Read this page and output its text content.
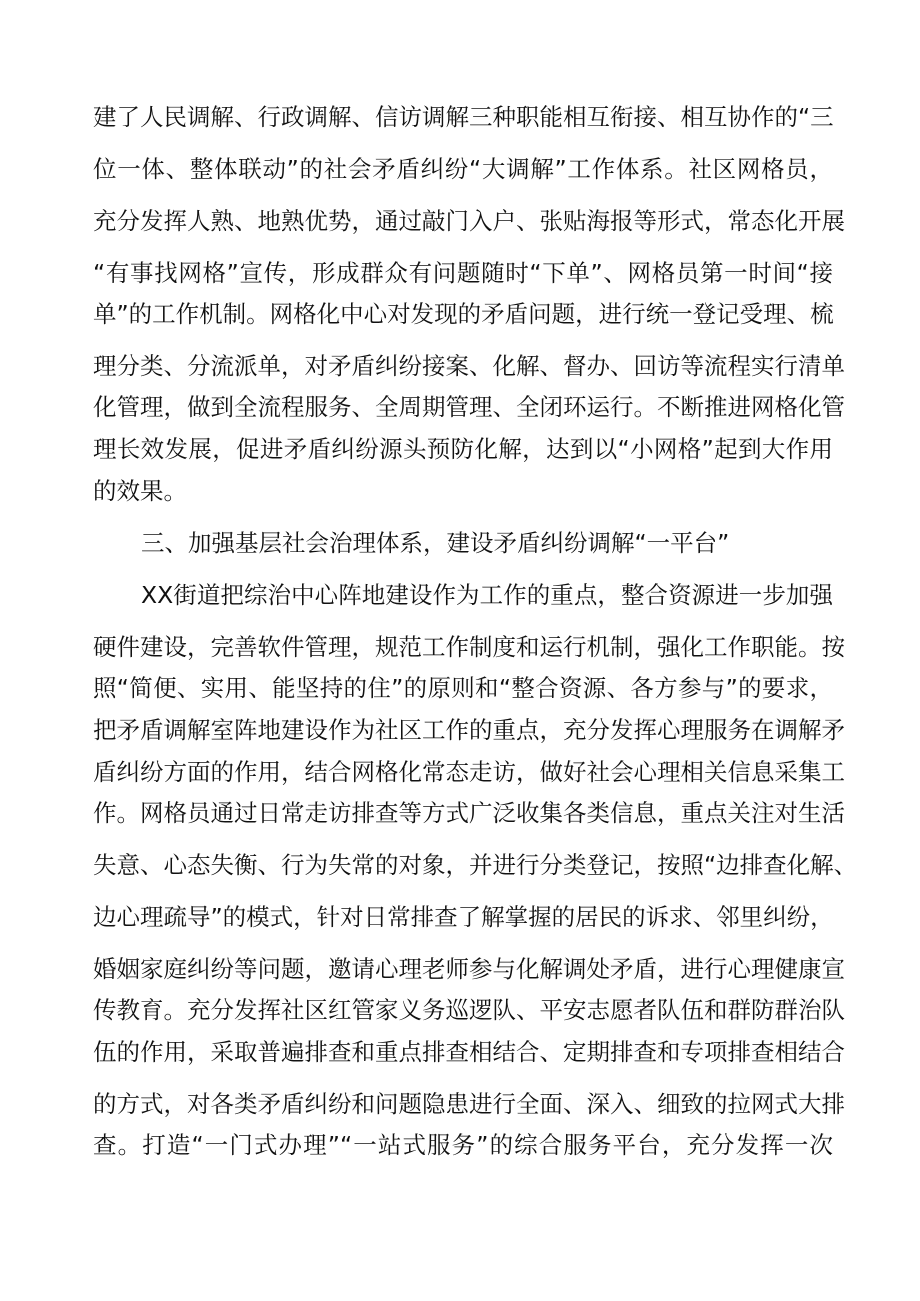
建了人民调解、行政调解、信访调解三种职能相互衔接、相互协作的“三
位一体、整体联动”的社会矛盾纠纷“大调解”工作体系。社区网格员，
充分发挥人熟、地熟优势，通过敲门入户、张贴海报等形式，常态化开展
“有事找网格”宣传，形成群众有问题随时“下单”、网格员第一时间“接
单”的工作机制。网格化中心对发现的矛盾问题，进行统一登记受理、梳
理分类、分流派单，对矛盾纠纷接案、化解、督办、回访等流程实行清单
化管理，做到全流程服务、全周期管理、全闭环运行。不断推进网格化管
理长效发展，促进矛盾纠纷源头预防化解，达到以“小网格”起到大作用
的效果。
三、加强基层社会治理体系，建设矛盾纠纷调解“一平台”
XX街道把综治中心阵地建设作为工作的重点，整合资源进一步加强
硬件建设，完善软件管理，规范工作制度和运行机制，强化工作职能。按
照“简便、实用、能坚持的住”的原则和“整合资源、各方参与”的要求，
把矛盾调解室阵地建设作为社区工作的重点，充分发挥心理服务在调解矛
盾纠纷方面的作用，结合网格化常态走访，做好社会心理相关信息采集工
作。网格员通过日常走访排查等方式广泛收集各类信息，重点关注对生活
失意、心态失衡、行为失常的对象，并进行分类登记，按照“边排查化解、
边心理疏导”的模式，针对日常排查了解掌握的居民的诉求、邻里纠纷，
婚姻家庭纠纷等问题，邀请心理老师参与化解调处矛盾，进行心理健康宣
传教育。充分发挥社区红管家义务巡逻队、平安志愿者队伍和群防群治队
伍的作用，采取普遍排查和重点排查相结合、定期排查和专项排查相结合
的方式，对各类矛盾纠纷和问题隐患进行全面、深入、细致的拉网式大排
查。打造“一门式办理”“一站式服务”的综合服务平台，充分发挥一次
